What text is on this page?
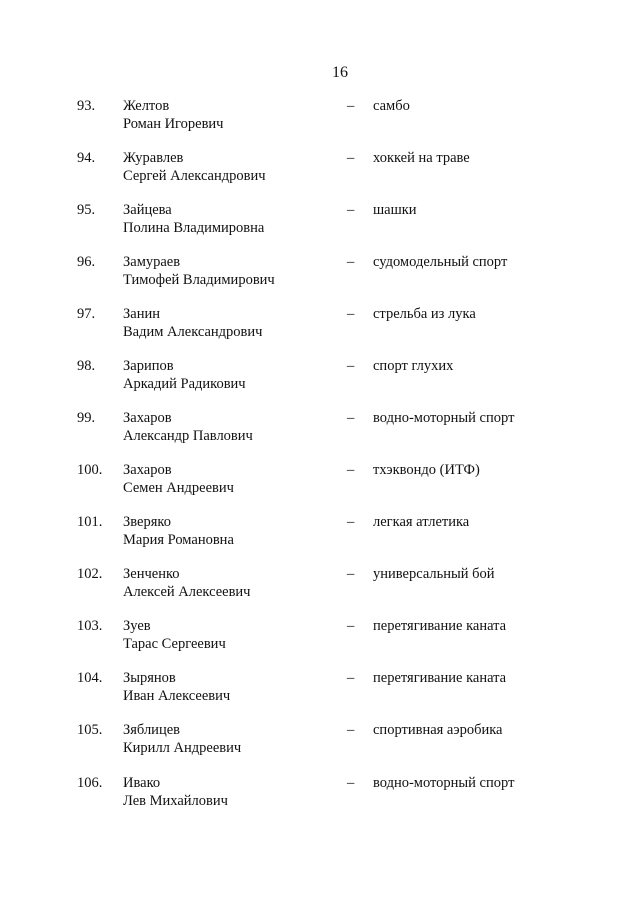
16
93. Желтов
Роман Игоревич
– самбо
94. Журавлев
Сергей Александрович
– хоккей на траве
95. Зайцева
Полина Владимировна
– шашки
96. Замураев
Тимофей Владимирович
– судомодельный спорт
97. Занин
Вадим Александрович
– стрельба из лука
98. Зарипов
Аркадий Радикович
– спорт глухих
99. Захаров
Александр Павлович
– водно-моторный спорт
100. Захаров
Семен Андреевич
– тхэквондо (ИТФ)
101. Зверяко
Мария Романовна
– легкая атлетика
102. Зенченко
Алексей Алексеевич
– универсальный бой
103. Зуев
Тарас Сергеевич
– перетягивание каната
104. Зырянов
Иван Алексеевич
– перетягивание каната
105. Зяблицев
Кирилл Андреевич
– спортивная аэробика
106. Ивако
Лев Михайлович
– водно-моторный спорт
